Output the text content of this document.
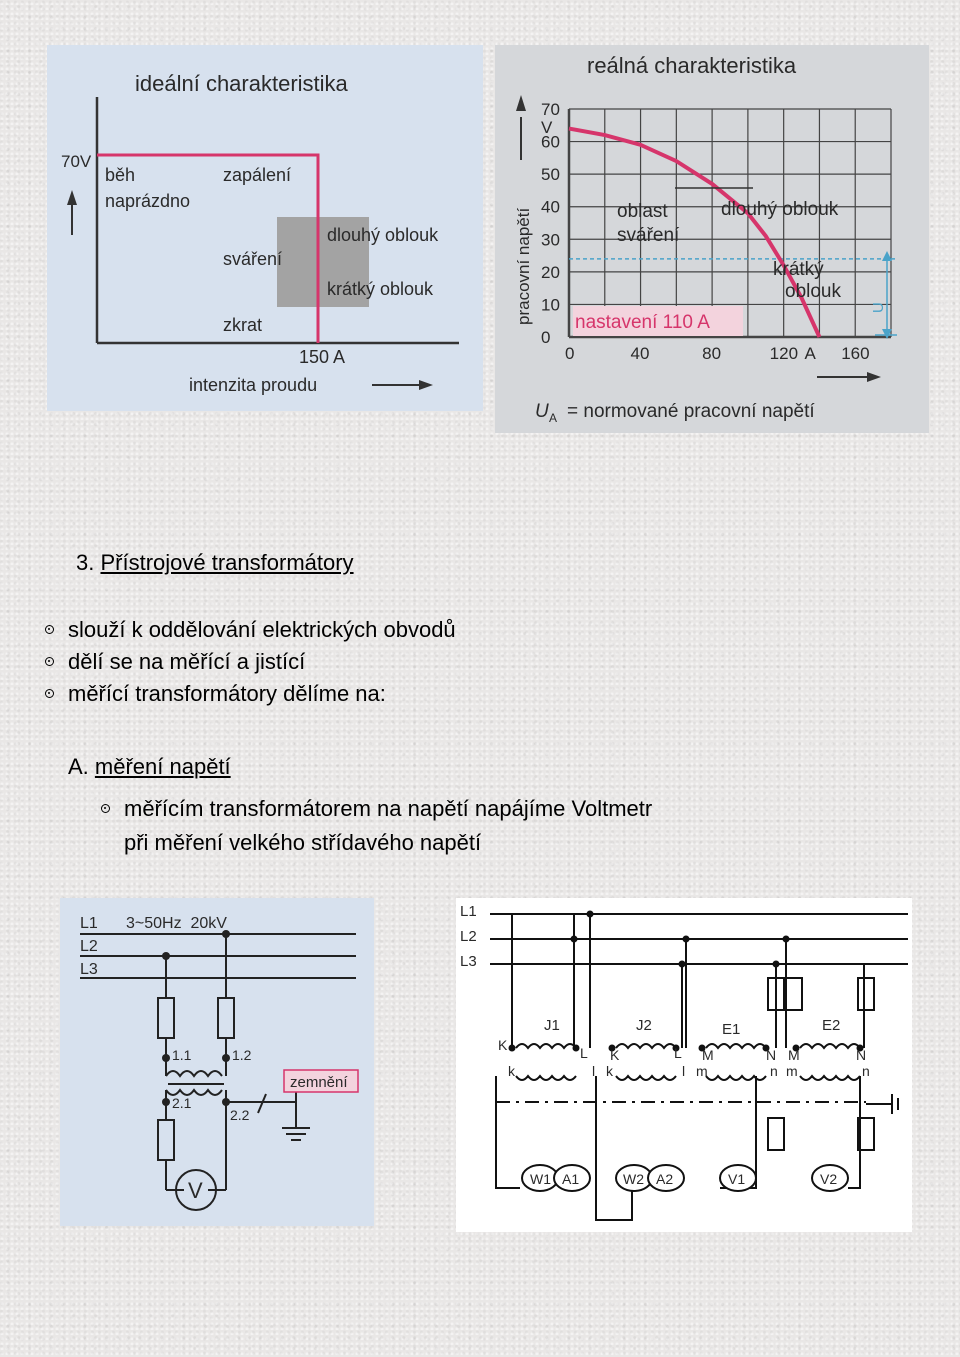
ideální charakteristika
70V
běh
naprázdno
zapálení
sváření
dlouhý oblouk
krátký oblouk
zkrat
150 A
intenzita proudu
reálná charakteristika
pracovní napětí
70
V
60
50
40
30
20
10
0
0	40	80	120 A 160
nastavení 110 A
oblast
sváření
dlouhý oblouk
krátký
oblouk
U
U A = normované pracovní napětí
3. Přístrojové transformátory
slouží k oddělování elektrických obvodů
dělí se na měřící a jistící
měřící transformátory dělíme na:
A. měření napětí
měřícím transformátorem na napětí napájíme Voltmetr
při měření velkého střídavého napětí
zemnění
L1
L2
L3
3~50Hz  20kV
1.1	1.2
2.1
2.2
V
L1
L2
L3
J1	J2	E1	E2
K	L K	L M	N M	N
k	l k	l m	n m	n
W1 A1	W2 A2	V1	V2
